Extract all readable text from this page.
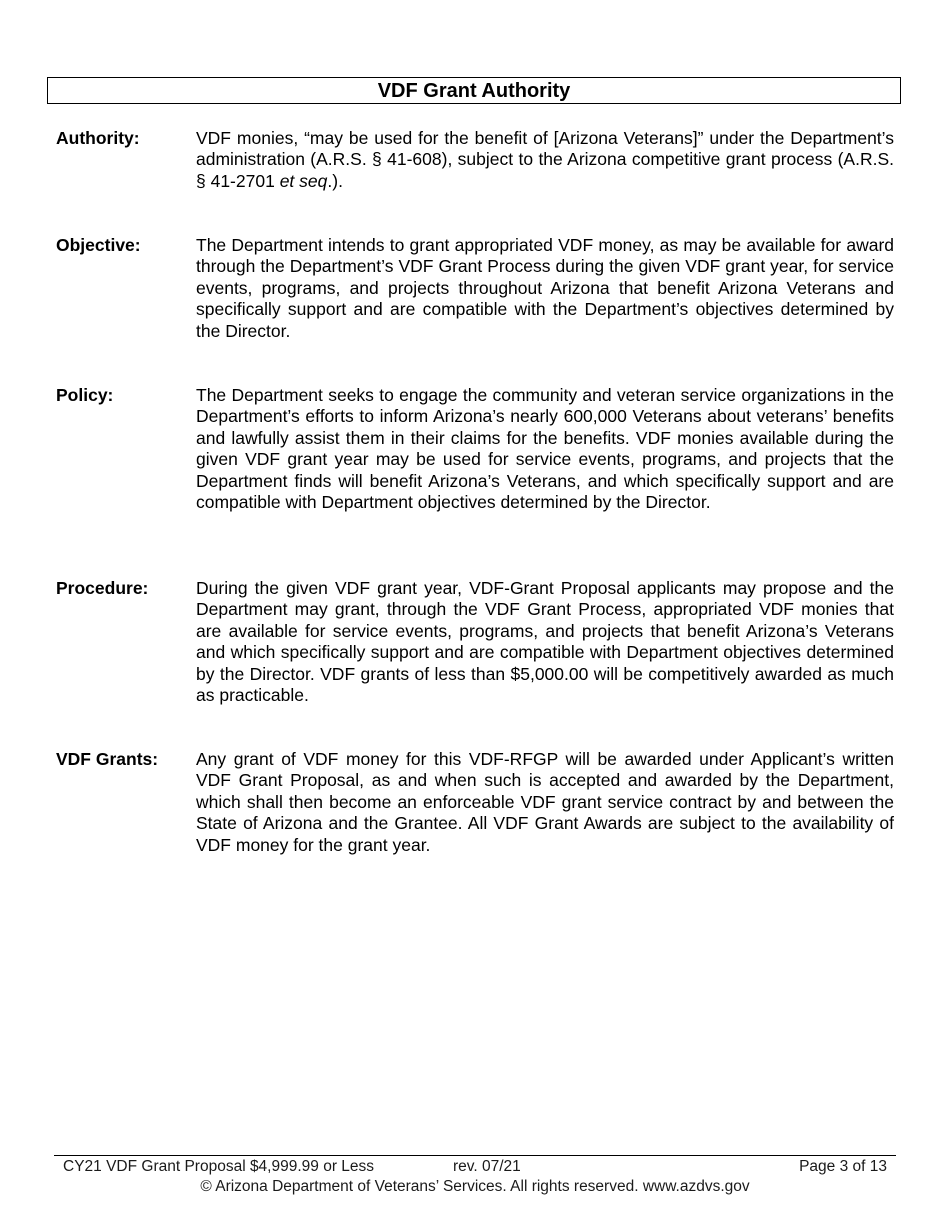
VDF Grant Authority
Authority:	VDF monies, “may be used for the benefit of [Arizona Veterans]” under the Department’s administration (A.R.S. § 41-608), subject to the Arizona competitive grant process (A.R.S. § 41-2701 et seq.).
Objective:	The Department intends to grant appropriated VDF money, as may be available for award through the Department’s VDF Grant Process during the given VDF grant year, for service events, programs, and projects throughout Arizona that benefit Arizona Veterans and specifically support and are compatible with the Department’s objectives determined by the Director.
Policy:	The Department seeks to engage the community and veteran service organizations in the Department’s efforts to inform Arizona’s nearly 600,000 Veterans about veterans’ benefits and lawfully assist them in their claims for the benefits. VDF monies available during the given VDF grant year may be used for service events, programs, and projects that the Department finds will benefit Arizona’s Veterans, and which specifically support and are compatible with Department objectives determined by the Director.
Procedure:	During the given VDF grant year, VDF-Grant Proposal applicants may propose and the Department may grant, through the VDF Grant Process, appropriated VDF monies that are available for service events, programs, and projects that benefit Arizona’s Veterans and which specifically support and are compatible with Department objectives determined by the Director. VDF grants of less than $5,000.00 will be competitively awarded as much as practicable.
VDF Grants: Any grant of VDF money for this VDF-RFGP will be awarded under Applicant’s written VDF Grant Proposal, as and when such is accepted and awarded by the Department, which shall then become an enforceable VDF grant service contract by and between the State of Arizona and the Grantee. All VDF Grant Awards are subject to the availability of VDF money for the grant year.
CY21 VDF Grant Proposal $4,999.99 or Less	rev. 07/21	Page 3 of 13
© Arizona Department of Veterans’ Services. All rights reserved. www.azdvs.gov
